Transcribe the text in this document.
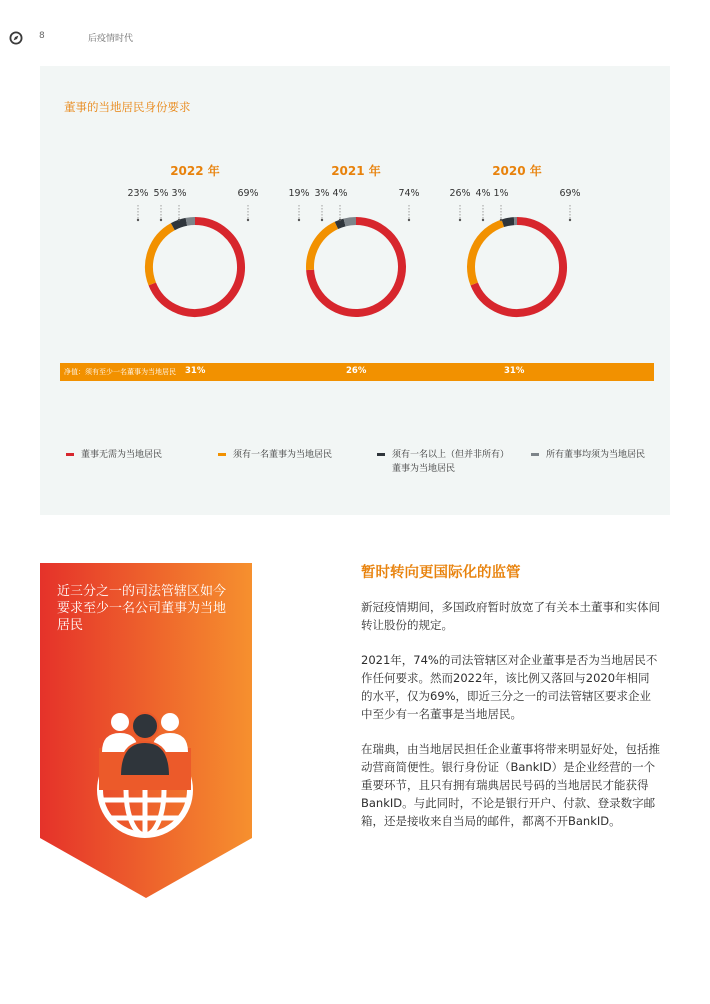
8	后疫情时代
董事的当地居民身份要求
2022 年
69%
23% 5% 3%
2021 年
74%
19% 3% 4%
2020 年
69%
26% 4% 1%
净值：须有至少一名董事为当地居民 31%	26%	31%
董事无需为当地居民	须有一名董事为当地居民	须有一名以上（但并非所有）董事为当地居民
所有董事均须为当地居民
近三分之一的司法管辖区如今要求至少一名公司董事为当地居民
暂时转向更国际化的监管
新冠疫情期间，多国政府暂时放宽了有关本土董事和实体间转让股份的规定。
2021年，74%的司法管辖区对企业董事是否为当地居民不作任何要求。然而2022年，该比例又落回与2020年相同的水平，仅为69%，即近三分之一的司法管辖区要求企业中至少有一名董事是当地居民。
在瑞典，由当地居民担任企业董事将带来明显好处，包括推动营商简便性。银行身份证（BankID）是企业经营的一个重要环节，且只有拥有瑞典居民号码的当地居民才能获得BankID。与此同时，不论是银行开户、付款、登录数字邮箱，还是接收来自当局的邮件，都离不开BankID。
